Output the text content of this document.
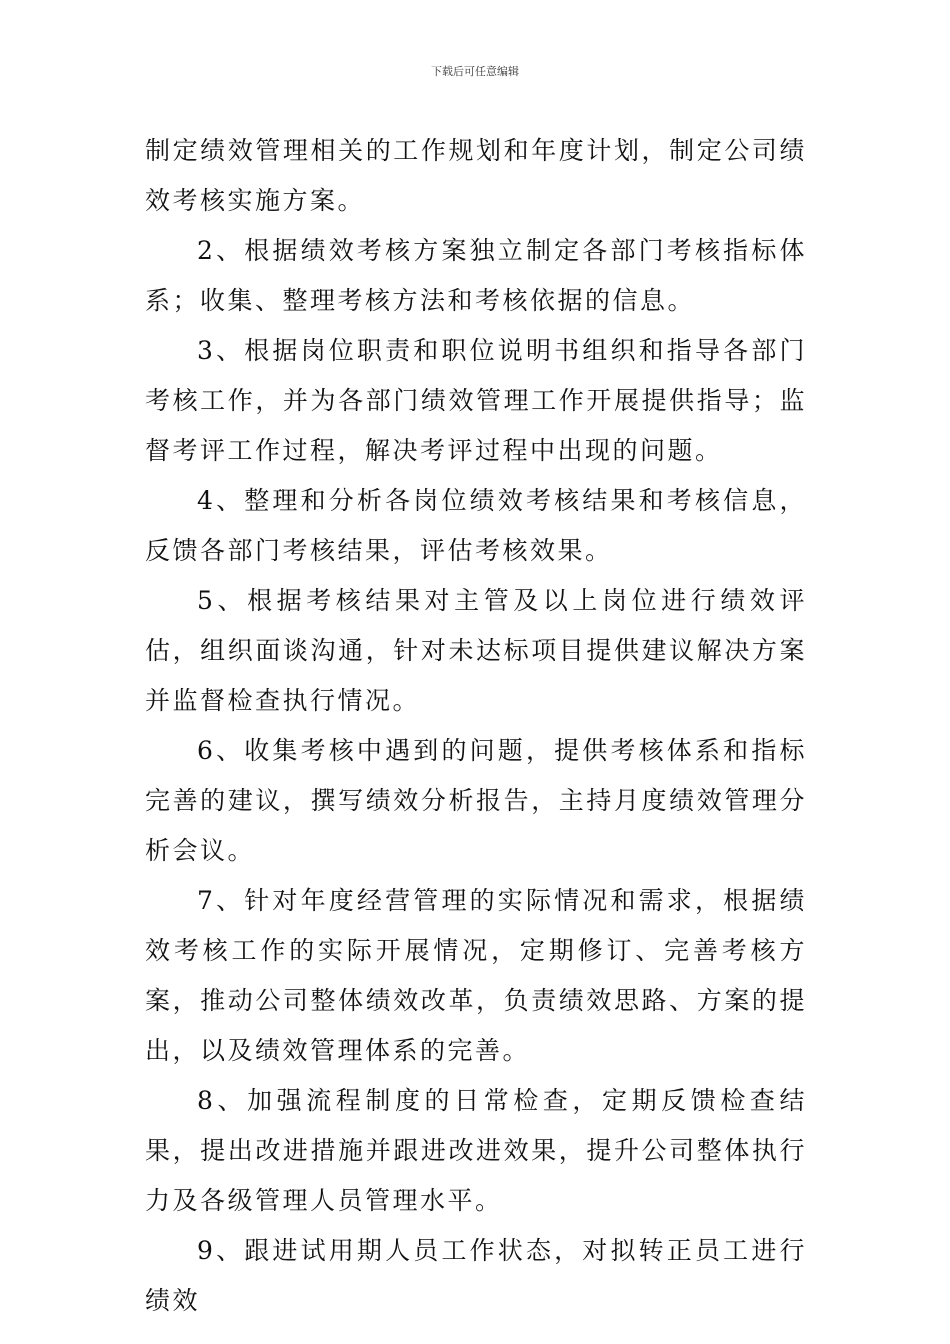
下载后可任意编辑

制定绩效管理相关的工作规划和年度计划，制定公司绩效考核实施方案。

2、根据绩效考核方案独立制定各部门考核指标体系；收集、整理考核方法和考核依据的信息。

3、根据岗位职责和职位说明书组织和指导各部门考核工作，并为各部门绩效管理工作开展提供指导；监督考评工作过程，解决考评过程中出现的问题。

4、整理和分析各岗位绩效考核结果和考核信息，反馈各部门考核结果，评估考核效果。

5、根据考核结果对主管及以上岗位进行绩效评估，组织面谈沟通，针对未达标项目提供建议解决方案并监督检查执行情况。

6、收集考核中遇到的问题，提供考核体系和指标完善的建议，撰写绩效分析报告，主持月度绩效管理分析会议。

7、针对年度经营管理的实际情况和需求，根据绩效考核工作的实际开展情况，定期修订、完善考核方案，推动公司整体绩效改革，负责绩效思路、方案的提出，以及绩效管理体系的完善。

8、加强流程制度的日常检查，定期反馈检查结果，提出改进措施并跟进改进效果，提升公司整体执行力及各级管理人员管理水平。

9、跟进试用期人员工作状态，对拟转正员工进行绩效
